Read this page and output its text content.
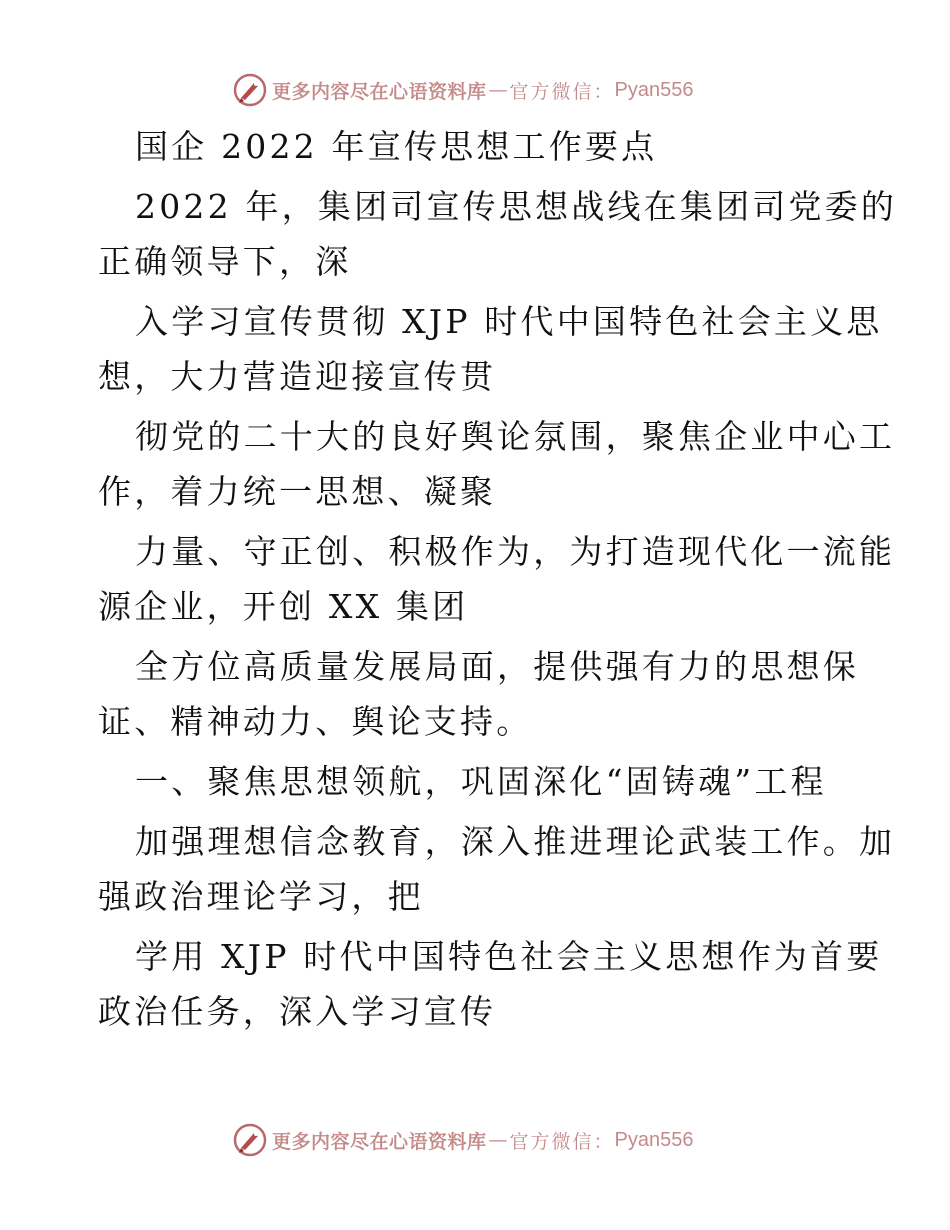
更多内容尽在心语资料库 — 官方微信： Pyan556
国企 2022 年宣传思想工作要点
2022 年，集团司宣传思想战线在集团司党委的
正确领导下，深
入学习宣传贯彻 XJP 时代中国特色社会主义思
想，大力营造迎接宣传贯
彻党的二十大的良好舆论氛围，聚焦企业中心工
作，着力统一思想、凝聚
力量、守正创、积极作为，为打造现代化一流能
源企业，开创 XX 集团
全方位高质量发展局面，提供强有力的思想保
证、精神动力、舆论支持。
一、聚焦思想领航，巩固深化“固铸魂”工程
加强理想信念教育，深入推进理论武装工作。加
强政治理论学习，把
学用 XJP 时代中国特色社会主义思想作为首要
政治任务，深入学习宣传
更多内容尽在心语资料库 — 官方微信： Pyan556
